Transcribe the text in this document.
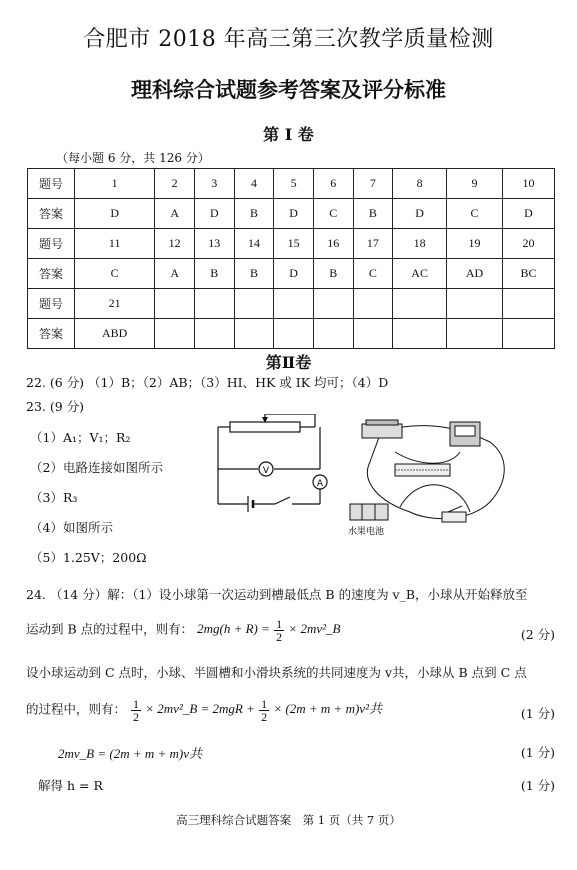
合肥市 2018 年高三第三次教学质量检测
理科综合试题参考答案及评分标准
第 I 卷
（每小题 6 分，共 126 分）
题号	1	2	3	4	5	6	7	8	9	10
答案	D	A	D	B	D	C	B	D	C	D
题号	11	12	13	14	15	16	17	18	19	20
答案	C	A	B	B	D	B	C	AC	AD	BC
题号	21									
答案	ABD									
第Ⅱ卷
22. (6 分) （1）B；（2）AB；（3）HI、HK 或 IK 均可；（4）D
23. (9 分)
（1）A₁；V₁；R₂
（2）电路连接如图所示
（3）R₃
（4）如图所示
（5）1.25V；200Ω
V
A
水果电池
24. （14 分）解：（1）设小球第一次运动到槽最低点 B 的速度为 v_B，小球从开始释放至
运动到 B 点的过程中，则有： $2mg(h + R) = \frac{1}{2}$ × 2mv²_B	(2 分)
设小球运动到 C 点时，小球、半圆槽和小滑块系统的共同速度为 v共，小球从 B 点到 C 点
的过程中，则有： $\frac{1}{2}$ × 2mv²_B = $2mgR + \frac{1}{2} \times (2m + m + m)v^2$共	(1 分)
2mv_B = (2m + m + m)v共	(1 分)
解得 h = R	(1 分)
高三理科综合试题答案　第 1 页（共 7 页）
